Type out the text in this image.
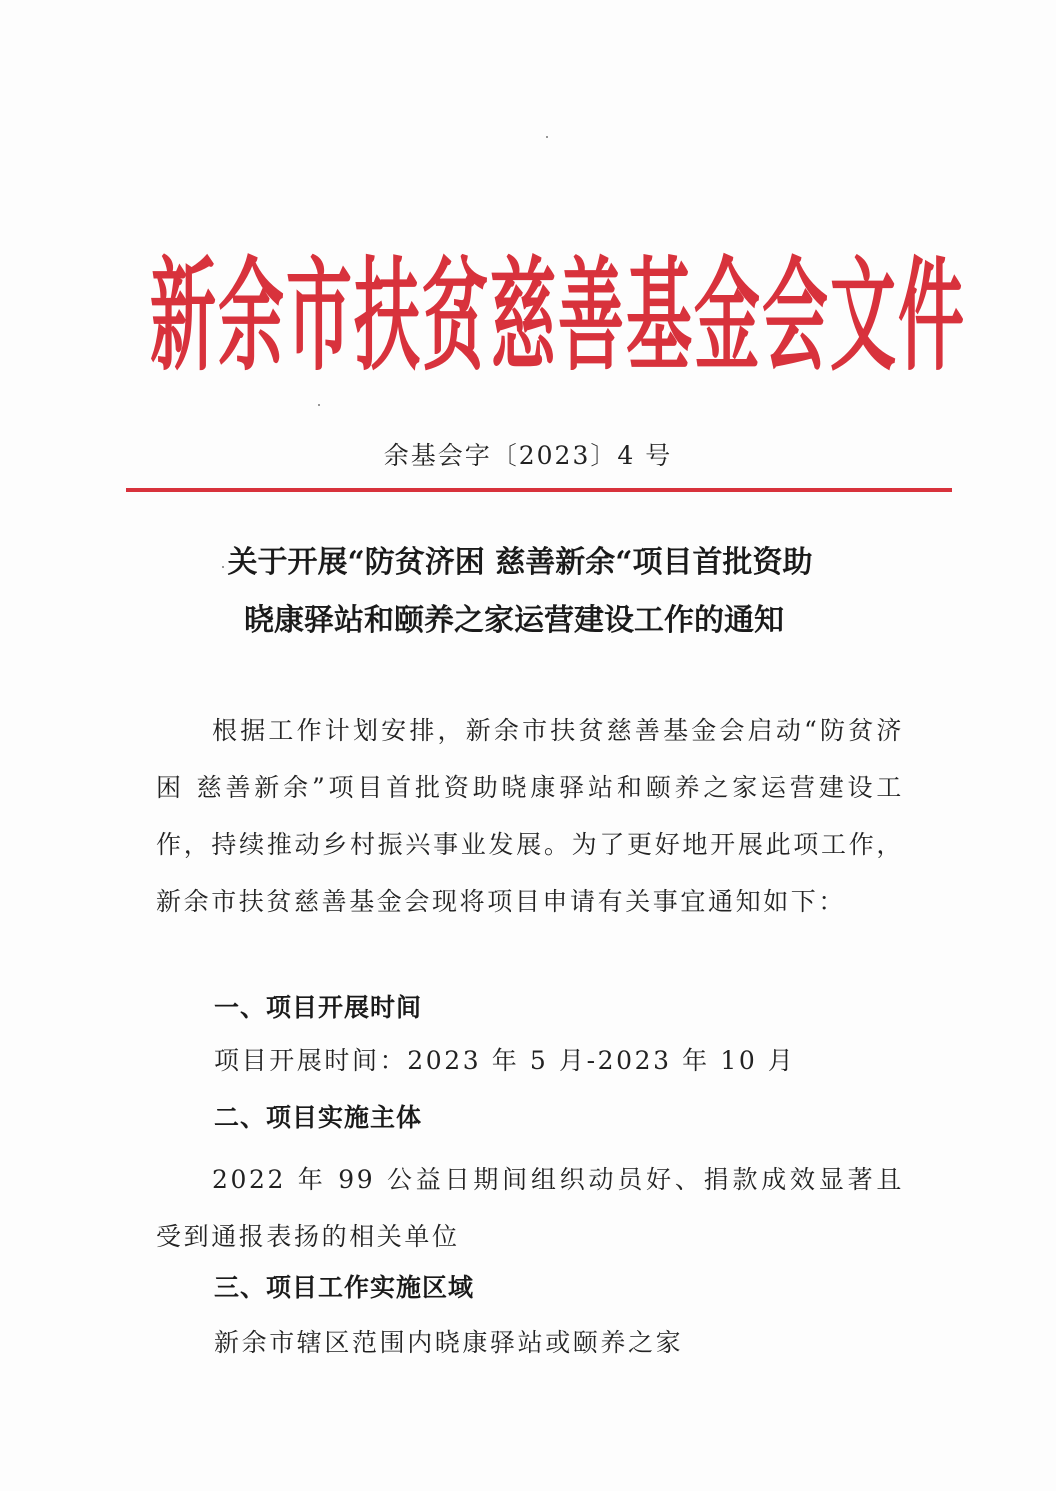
新余市扶贫慈善基金会文件
余基会字〔2023〕4 号
关于开展“防贫济困 慈善新余“项目首批资助
晓康驿站和颐养之家运营建设工作的通知
根据工作计划安排，新余市扶贫慈善基金会启动“防贫济困 慈善新余”项目首批资助晓康驿站和颐养之家运营建设工作，持续推动乡村振兴事业发展。为了更好地开展此项工作，新余市扶贫慈善基金会现将项目申请有关事宜通知如下：
一、项目开展时间
项目开展时间：2023 年 5 月-2023 年 10 月
二、项目实施主体
2022 年 99 公益日期间组织动员好、捐款成效显著且受到通报表扬的相关单位
三、项目工作实施区域
新余市辖区范围内晓康驿站或颐养之家
